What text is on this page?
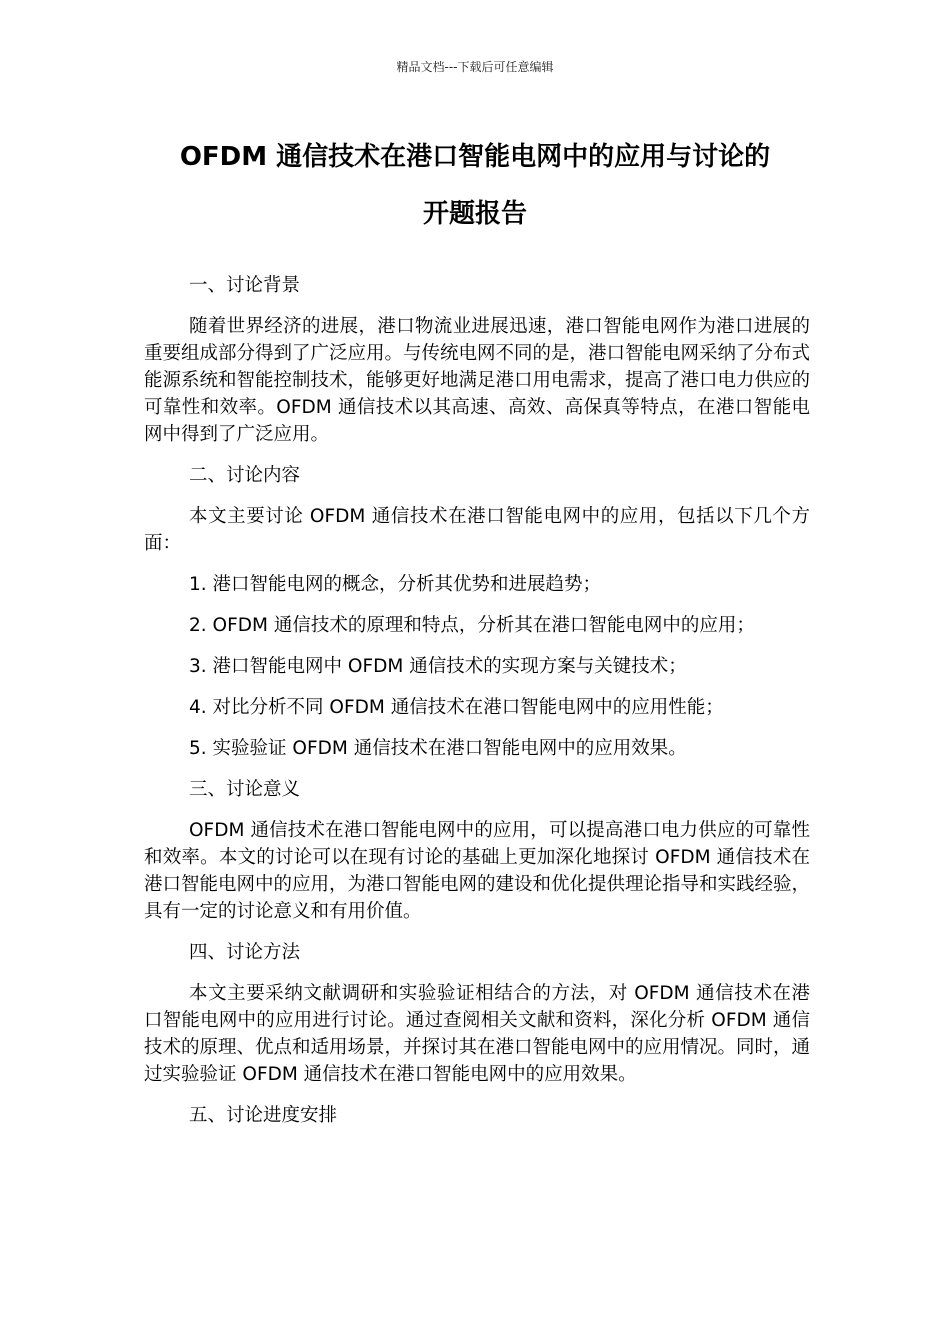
精品文档---下载后可任意编辑
OFDM 通信技术在港口智能电网中的应用与讨论的
开题报告
一、讨论背景
随着世界经济的进展，港口物流业进展迅速，港口智能电网作为港口进展的重要组成部分得到了广泛应用。与传统电网不同的是，港口智能电网采纳了分布式能源系统和智能控制技术，能够更好地满足港口用电需求，提高了港口电力供应的可靠性和效率。OFDM 通信技术以其高速、高效、高保真等特点，在港口智能电网中得到了广泛应用。
二、讨论内容
本文主要讨论 OFDM 通信技术在港口智能电网中的应用，包括以下几个方面：
1. 港口智能电网的概念，分析其优势和进展趋势；
2. OFDM 通信技术的原理和特点，分析其在港口智能电网中的应用；
3. 港口智能电网中 OFDM 通信技术的实现方案与关键技术；
4. 对比分析不同 OFDM 通信技术在港口智能电网中的应用性能；
5. 实验验证 OFDM 通信技术在港口智能电网中的应用效果。
三、讨论意义
OFDM 通信技术在港口智能电网中的应用，可以提高港口电力供应的可靠性和效率。本文的讨论可以在现有讨论的基础上更加深化地探讨 OFDM 通信技术在港口智能电网中的应用，为港口智能电网的建设和优化提供理论指导和实践经验，具有一定的讨论意义和有用价值。
四、讨论方法
本文主要采纳文献调研和实验验证相结合的方法，对 OFDM 通信技术在港口智能电网中的应用进行讨论。通过查阅相关文献和资料，深化分析 OFDM 通信技术的原理、优点和适用场景，并探讨其在港口智能电网中的应用情况。同时，通过实验验证 OFDM 通信技术在港口智能电网中的应用效果。
五、讨论进度安排
